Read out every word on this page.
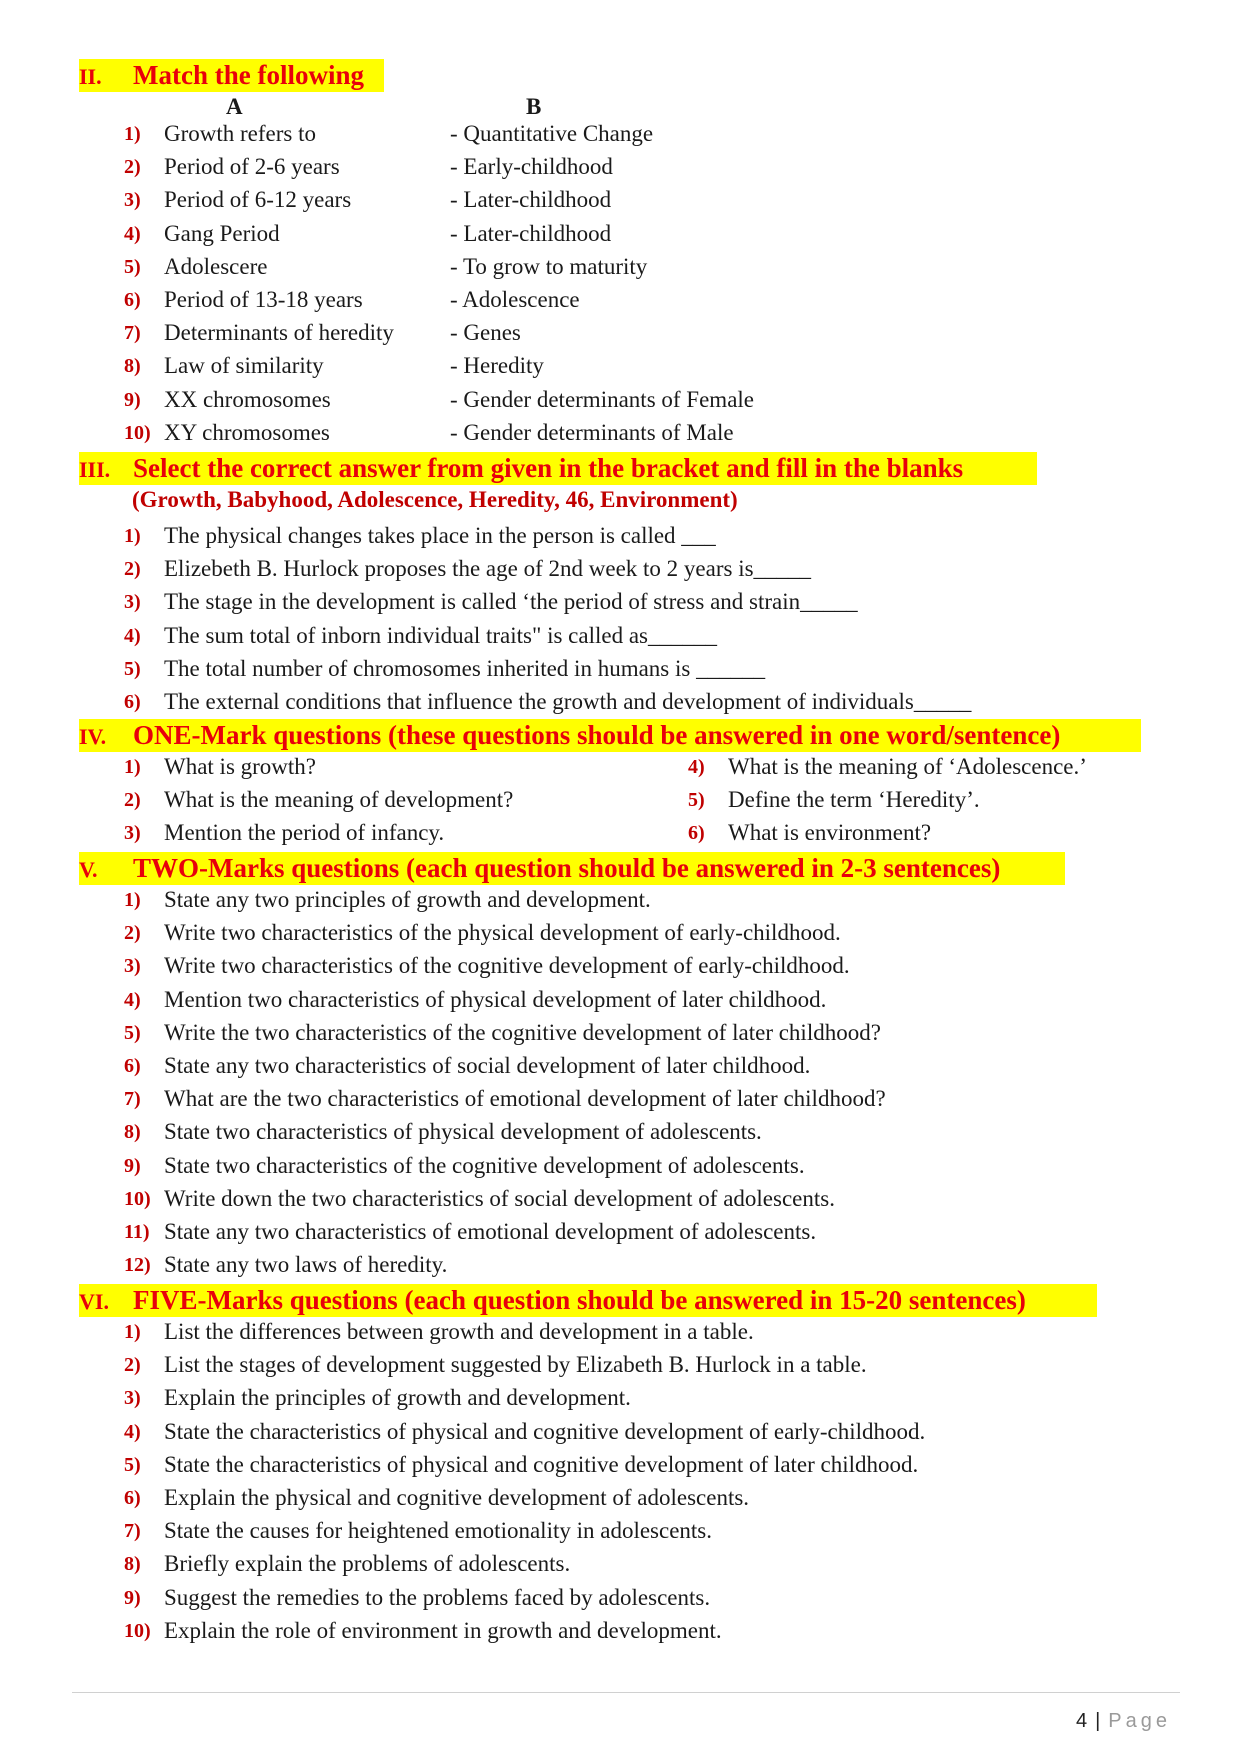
II. Match the following
A	B
1)	Growth refers to	- Quantitative Change
2)	Period of 2-6 years	- Early-childhood
3)	Period of 6-12 years	- Later-childhood
4)	Gang Period	- Later-childhood
5)	Adolescere	- To grow to maturity
6)	Period of 13-18 years	- Adolescence
7)	Determinants of heredity - Genes
8)	Law of similarity	- Heredity
9)	XX chromosomes	- Gender determinants of Female
10) XY chromosomes	- Gender determinants of Male
III. Select the correct answer from given in the bracket and fill in the blanks
(Growth, Babyhood, Adolescence, Heredity, 46, Environment)
1)	The physical changes takes place in the person is called ___
2)	Elizebeth B. Hurlock proposes the age of 2nd week to 2 years is_____
3)	The stage in the development is called ‘the period of stress and strain_____
4)	The sum total of inborn individual traits" is called as______
5)	The total number of chromosomes inherited in humans is ______
6)	The external conditions that influence the growth and development of individuals_____
IV. ONE-Mark questions (these questions should be answered in one word/sentence)
1)	What is growth?
2)	What is the meaning of development?
3)	Mention the period of infancy.
4)	What is the meaning of ‘Adolescence.’
5)	Define the term ‘Heredity’.
6)	What is environment?
V. TWO-Marks questions (each question should be answered in 2-3 sentences)
1)	State any two principles of growth and development.
2)	Write two characteristics of the physical development of early-childhood.
3)	Write two characteristics of the cognitive development of early-childhood.
4)	Mention two characteristics of physical development of later childhood.
5)	Write the two characteristics of the cognitive development of later childhood?
6)	State any two characteristics of social development of later childhood.
7)	What are the two characteristics of emotional development of later childhood?
8)	State two characteristics of physical development of adolescents.
9)	State two characteristics of the cognitive development of adolescents.
10) Write down the two characteristics of social development of adolescents.
11) State any two characteristics of emotional development of adolescents.
12) State any two laws of heredity.
VI. FIVE-Marks questions (each question should be answered in 15-20 sentences)
1)	List the differences between growth and development in a table.
2)	List the stages of development suggested by Elizabeth B. Hurlock in a table.
3)	Explain the principles of growth and development.
4)	State the characteristics of physical and cognitive development of early-childhood.
5)	State the characteristics of physical and cognitive development of later childhood.
6)	Explain the physical and cognitive development of adolescents.
7)	State the causes for heightened emotionality in adolescents.
8)	Briefly explain the problems of adolescents.
9)	Suggest the remedies to the problems faced by adolescents.
10) Explain the role of environment in growth and development.
4 | Page
